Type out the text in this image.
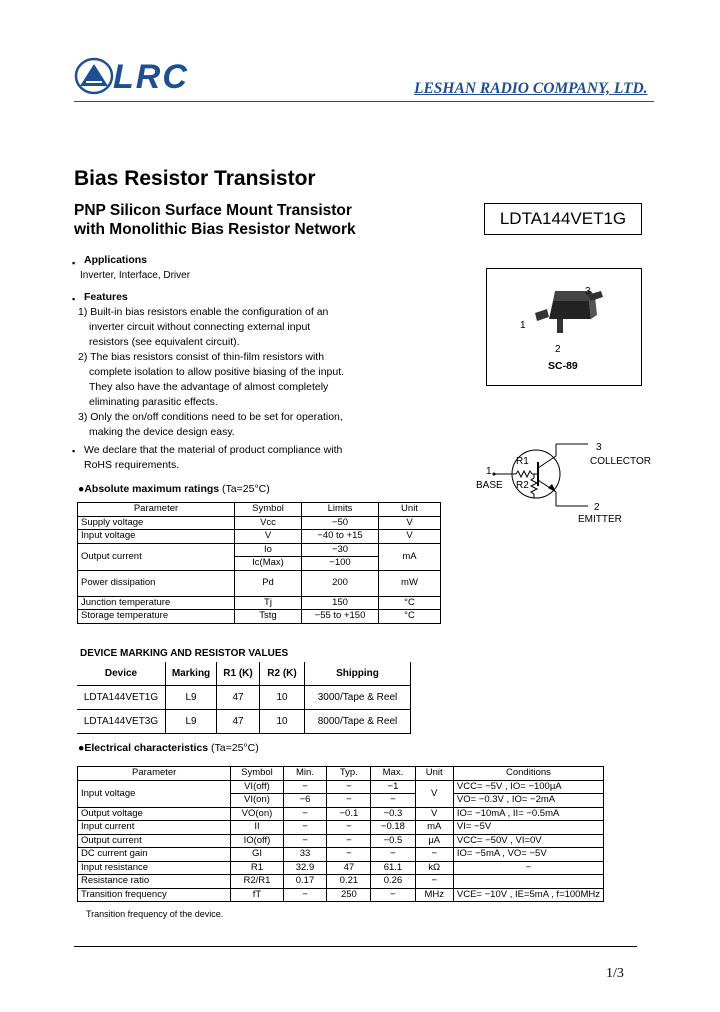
LRC	LESHAN RADIO COMPANY, LTD.
Bias Resistor Transistor
PNP Silicon Surface Mount Transistor
with Monolithic Bias Resistor Network
LDTA144VET1G
▪ Applications
Inverter, Interface, Driver
▪ Features
1) Built-in bias resistors enable the configuration of an
inverter circuit without connecting external input
resistors (see equivalent circuit).
2) The bias resistors consist of thin-film resistors with
complete isolation to allow positive biasing of the input.
They also have the advantage of almost completely
eliminating parasitic effects.
3) Only the on/off conditions need to be set for operation,
making the device design easy.
▪ We declare that the material of product compliance with
RoHS requirements.
3
1
2
SC-89
1
BASE
R1
R2
3
COLLECTOR
2
EMITTER
●Absolute maximum ratings (Ta=25°C)
Parameter	Symbol	Limits	Unit
Supply voltage	Vcc	−50	V
Input voltage	V	−40 to +15	V
Output current	Io	−30	mA
	Ic(Max)	−100	
Power dissipation	Pd	200	mW
Junction temperature	Tj	150	°C
Storage temperature	Tstg	−55 to +150	°C
DEVICE MARKING AND RESISTOR VALUES
Device	Marking	R1 (K)	R2 (K)	Shipping
LDTA144VET1G	L9	47	10	3000/Tape & Reel
LDTA144VET3G	L9	47	10	8000/Tape & Reel
●Electrical characteristics (Ta=25°C)
Parameter	Symbol	Min.	Typ.	Max.	Unit	Conditions
Input voltage	VI(off)	−	−	−1	V	VCC= −5V , IO= −100μA
	VI(on)	−6	−	−		VO= −0.3V , IO= −2mA
Output voltage	VO(on)	−	−0.1	−0.3	V	IO= −10mA , II= −0.5mA
Input current	II	−	−	−0.18	mA	VI= −5V
Output current	IO(off)	−	−	−0.5	μA	VCC= −50V , VI=0V
DC current gain	GI	33	−	−	−	IO= −5mA , VO= −5V
Input resistance	R1	32.9	47	61.1	kΩ	−
Resistance ratio	R2/R1	0.17	0.21	0.26	−	
Transition frequency	fT	−	250	−	MHz	VCE= −10V , IE=5mA , f=100MHz
Transition frequency of the device.
1/3
